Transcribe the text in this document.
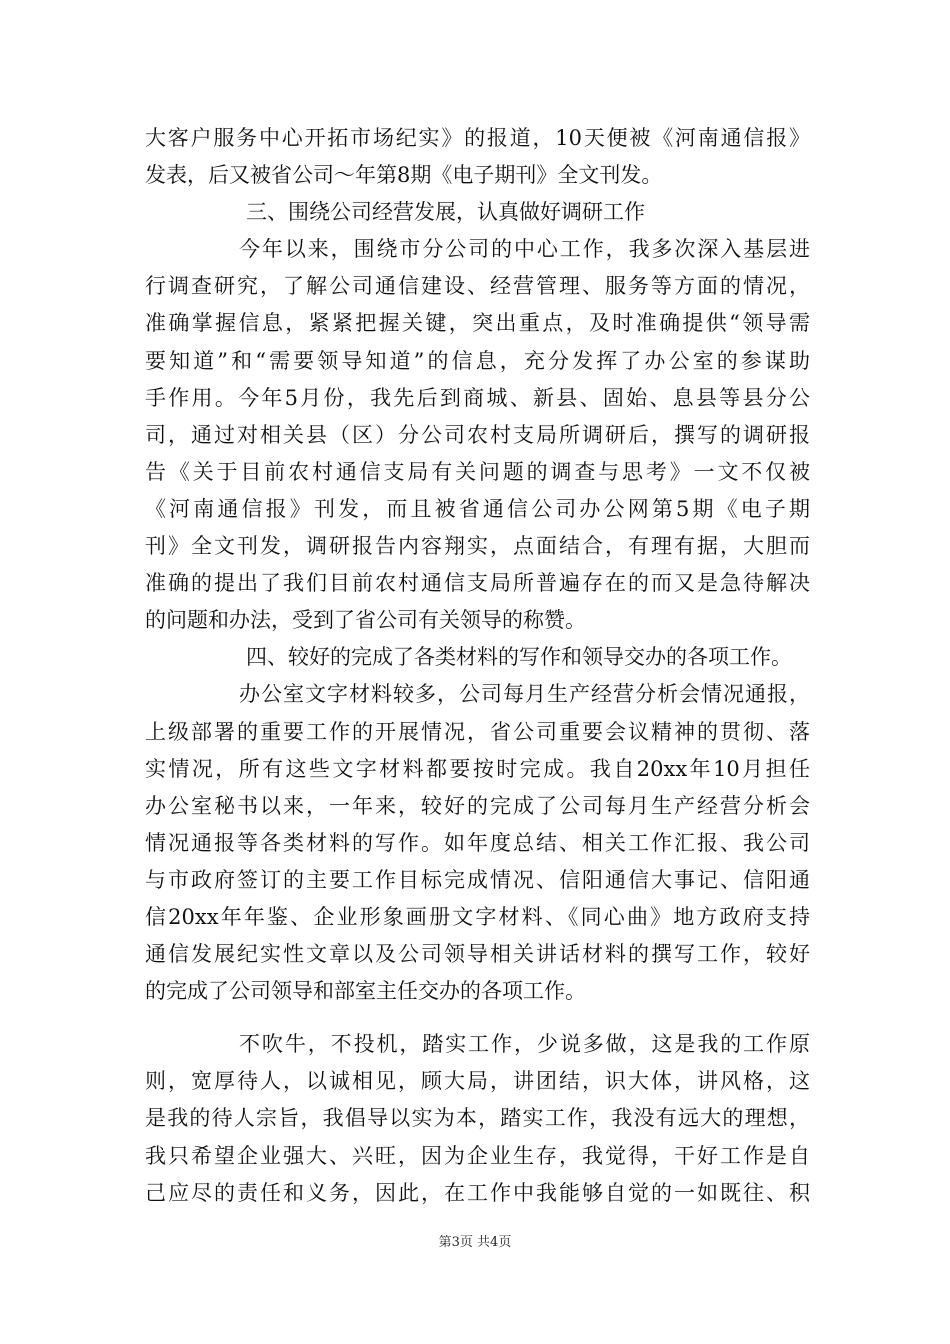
大客户服务中心开拓市场纪实》的报道，10天便被《河南通信报》
发表，后又被省公司～年第8期《电子期刊》全文刊发。
三、围绕公司经营发展，认真做好调研工作
今年以来，围绕市分公司的中心工作，我多次深入基层进
行调查研究，了解公司通信建设、经营管理、服务等方面的情况，
准确掌握信息，紧紧把握关键，突出重点，及时准确提供“领导需
要知道”和“需要领导知道”的信息，充分发挥了办公室的参谋助
手作用。今年5月份，我先后到商城、新县、固始、息县等县分公
司，通过对相关县（区）分公司农村支局所调研后，撰写的调研报
告《关于目前农村通信支局有关问题的调查与思考》一文不仅被
《河南通信报》刊发，而且被省通信公司办公网第5期《电子期
刊》全文刊发，调研报告内容翔实，点面结合，有理有据，大胆而
准确的提出了我们目前农村通信支局所普遍存在的而又是急待解决
的问题和办法，受到了省公司有关领导的称赞。
四、较好的完成了各类材料的写作和领导交办的各项工作。
办公室文字材料较多，公司每月生产经营分析会情况通报，
上级部署的重要工作的开展情况，省公司重要会议精神的贯彻、落
实情况，所有这些文字材料都要按时完成。我自20xx年10月担任
办公室秘书以来，一年来，较好的完成了公司每月生产经营分析会
情况通报等各类材料的写作。如年度总结、相关工作汇报、我公司
与市政府签订的主要工作目标完成情况、信阳通信大事记、信阳通
信20xx年年鉴、企业形象画册文字材料、《同心曲》地方政府支持
通信发展纪实性文章以及公司领导相关讲话材料的撰写工作，较好
的完成了公司领导和部室主任交办的各项工作。
不吹牛，不投机，踏实工作，少说多做，这是我的工作原
则，宽厚待人，以诚相见，顾大局，讲团结，识大体，讲风格，这
是我的待人宗旨，我倡导以实为本，踏实工作，我没有远大的理想，
我只希望企业强大、兴旺，因为企业生存，我觉得，干好工作是自
己应尽的责任和义务，因此，在工作中我能够自觉的一如既往、积
第3页 共4页
